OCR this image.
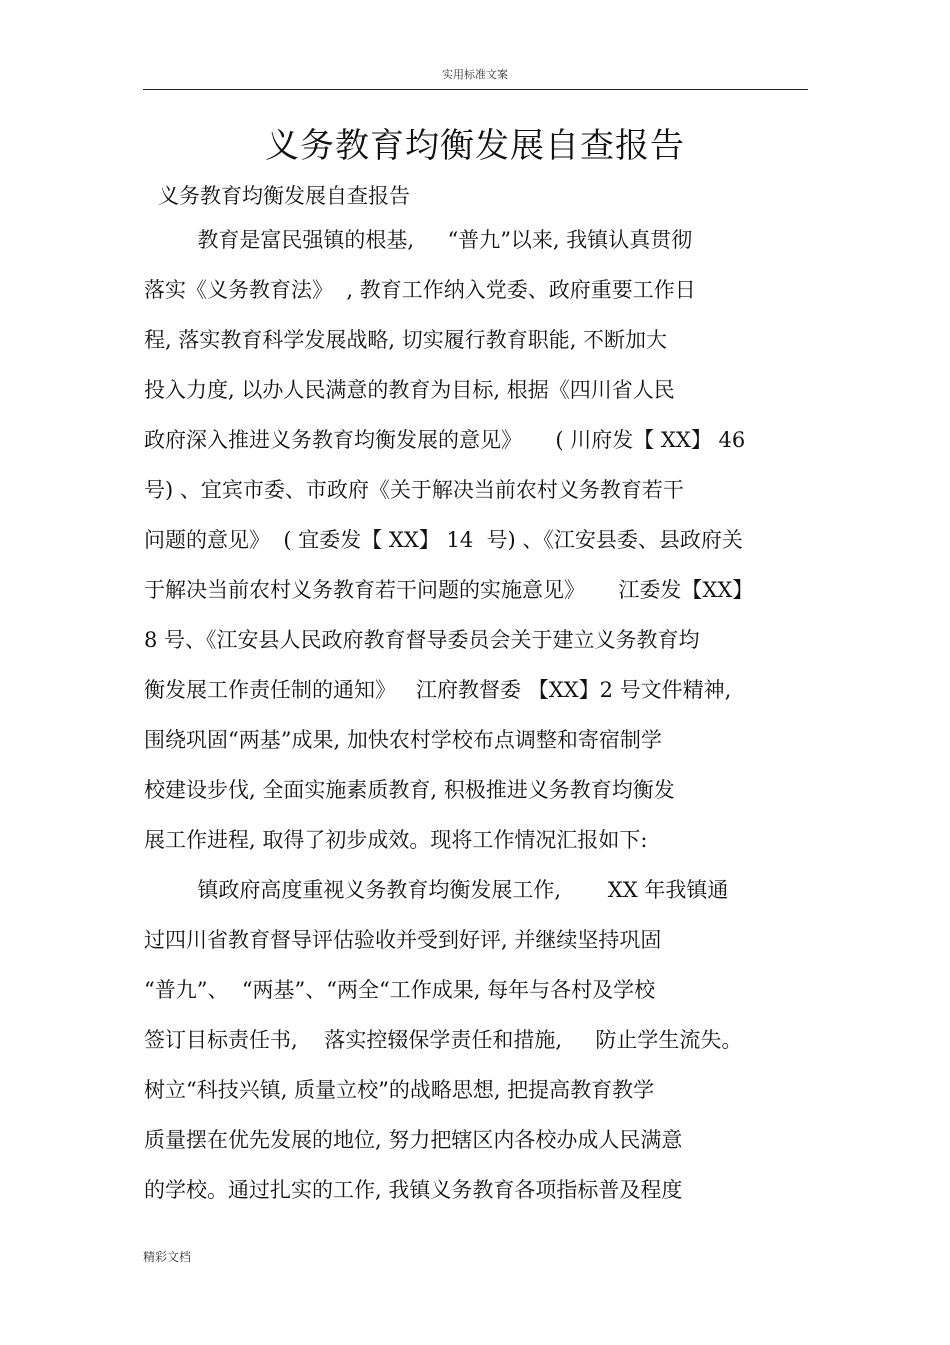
实用标准文案
义务教育均衡发展自查报告
义务教育均衡发展自查报告
教育是富民强镇的根基,     “普九”以来, 我镇认真贯彻
落实《义务教育法》  , 教育工作纳入党委、政府重要工作日
程, 落实教育科学发展战略, 切实履行教育职能, 不断加大
投入力度, 以办人民满意的教育为目标, 根据《四川省人民
政府深入推进义务教育均衡发展的意见》     ( 川府发【 XX】 46
号) 、宜宾市委、市政府《关于解决当前农村义务教育若干
问题的意见》  ( 宜委发【 XX】 14  号) 、《江安县委、县政府关
于解决当前农村义务教育若干问题的实施意见》     江委发【XX】
8 号、《江安县人民政府教育督导委员会关于建立义务教育均
衡发展工作责任制的通知》   江府教督委 【XX】2 号文件精神,
围绕巩固“两基”成果, 加快农村学校布点调整和寄宿制学
校建设步伐, 全面实施素质教育, 积极推进义务教育均衡发
展工作进程, 取得了初步成效。现将工作情况汇报如下:
镇政府高度重视义务教育均衡发展工作,       XX 年我镇通
过四川省教育督导评估验收并受到好评, 并继续坚持巩固
“普九”、  “两基”、“两全“工作成果, 每年与各村及学校
签订目标责任书,    落实控辍保学责任和措施,     防止学生流失。
树立“科技兴镇, 质量立校”的战略思想, 把提高教育教学
质量摆在优先发展的地位, 努力把辖区内各校办成人民满意
的学校。通过扎实的工作, 我镇义务教育各项指标普及程度
精彩文档
